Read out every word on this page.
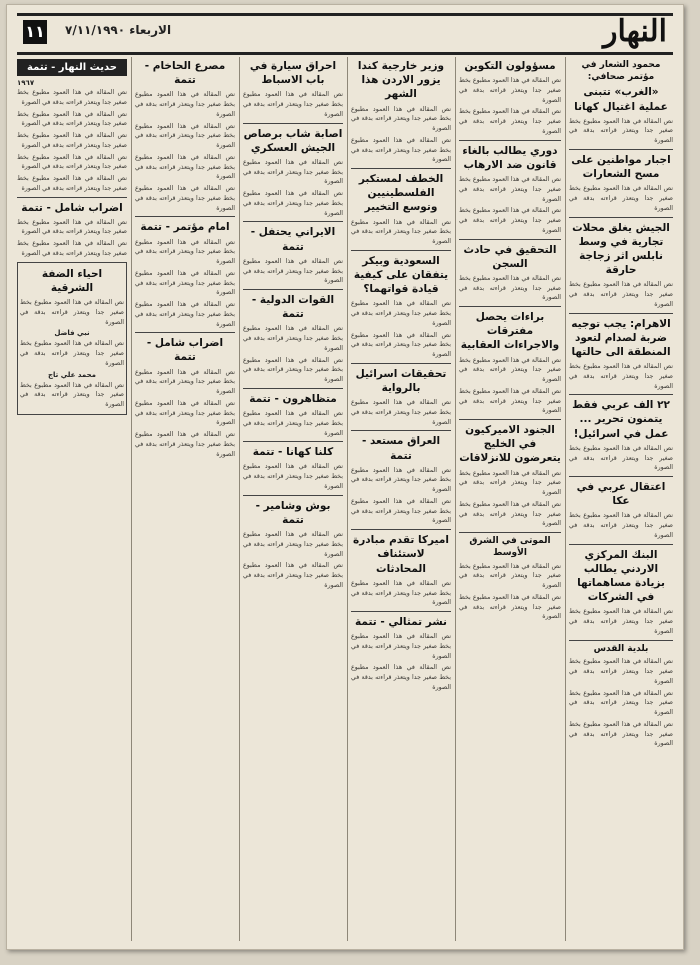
١١ الاربعاء ٧/١١/١٩٩٠	النهار
محمود الشعار في مؤتمر صحافي:
«الغرب» تتبنى عملية اغتيال كهانا

نص المقالة في هذا العمود مطبوع بخط صغير جدا ويتعذر قراءته بدقة في الصورة

اجبار مواطنين على مسح الشعارات

نص المقالة في هذا العمود مطبوع بخط صغير جدا ويتعذر قراءته بدقة في الصورة

الجيش يغلق محلات تجارية في وسط نابلس اثر زجاجة حارقة

نص المقالة في هذا العمود مطبوع بخط صغير جدا ويتعذر قراءته بدقة في الصورة

الاهرام: يجب توجيه ضربة لصدام لتعود المنطقة الى حالتها

نص المقالة في هذا العمود مطبوع بخط صغير جدا ويتعذر قراءته بدقة في الصورة

٢٢ الف عربي فقط يتمنون تحرير ... عمل في اسرائيل!

نص المقالة في هذا العمود مطبوع بخط صغير جدا ويتعذر قراءته بدقة في الصورة

اعتقال عربي في عكا

نص المقالة في هذا العمود مطبوع بخط صغير جدا ويتعذر قراءته بدقة في الصورة

البنك المركزي الاردني يطالب بزيادة مساهماتها في الشركات

نص المقالة في هذا العمود مطبوع بخط صغير جدا ويتعذر قراءته بدقة في الصورة

بلدية القدس

نص المقالة في هذا العمود مطبوع بخط صغير جدا ويتعذر قراءته بدقة في الصورة

نص المقالة في هذا العمود مطبوع بخط صغير جدا ويتعذر قراءته بدقة في الصورة

نص المقالة في هذا العمود مطبوع بخط صغير جدا ويتعذر قراءته بدقة في الصورة

مسؤولون التكوين

نص المقالة في هذا العمود مطبوع بخط صغير جدا ويتعذر قراءته بدقة في الصورة

نص المقالة في هذا العمود مطبوع بخط صغير جدا ويتعذر قراءته بدقة في الصورة

دوري يطالب بالغاء قانون ضد الارهاب

نص المقالة في هذا العمود مطبوع بخط صغير جدا ويتعذر قراءته بدقة في الصورة

نص المقالة في هذا العمود مطبوع بخط صغير جدا ويتعذر قراءته بدقة في الصورة

التحقيق في حادث السجن

نص المقالة في هذا العمود مطبوع بخط صغير جدا ويتعذر قراءته بدقة في الصورة

براءات يحصل مفترقات والاجراءات العقابية

نص المقالة في هذا العمود مطبوع بخط صغير جدا ويتعذر قراءته بدقة في الصورة

نص المقالة في هذا العمود مطبوع بخط صغير جدا ويتعذر قراءته بدقة في الصورة

الجنود الاميركيون في الخليج يتعرضون للانزلاقات

نص المقالة في هذا العمود مطبوع بخط صغير جدا ويتعذر قراءته بدقة في الصورة

نص المقالة في هذا العمود مطبوع بخط صغير جدا ويتعذر قراءته بدقة في الصورة

الموتى في الشرق الأوسط

نص المقالة في هذا العمود مطبوع بخط صغير جدا ويتعذر قراءته بدقة في الصورة

نص المقالة في هذا العمود مطبوع بخط صغير جدا ويتعذر قراءته بدقة في الصورة

وزير خارجية كندا يزور الاردن هذا الشهر

نص المقالة في هذا العمود مطبوع بخط صغير جدا ويتعذر قراءته بدقة في الصورة

نص المقالة في هذا العمود مطبوع بخط صغير جدا ويتعذر قراءته بدقة في الصورة

الخطف لمستكبر الفلسطينيين وتوسع التخيير

نص المقالة في هذا العمود مطبوع بخط صغير جدا ويتعذر قراءته بدقة في الصورة

السعودية وبيكر يتفقان على كيفية قيادة قواتهما؟

نص المقالة في هذا العمود مطبوع بخط صغير جدا ويتعذر قراءته بدقة في الصورة

نص المقالة في هذا العمود مطبوع بخط صغير جدا ويتعذر قراءته بدقة في الصورة

تحقيقات اسرائيل بالرواية

نص المقالة في هذا العمود مطبوع بخط صغير جدا ويتعذر قراءته بدقة في الصورة

العراق مستعد - تتمة

نص المقالة في هذا العمود مطبوع بخط صغير جدا ويتعذر قراءته بدقة في الصورة

نص المقالة في هذا العمود مطبوع بخط صغير جدا ويتعذر قراءته بدقة في الصورة

اميركا تقدم مبادرة لاستئناف المحادثات

نص المقالة في هذا العمود مطبوع بخط صغير جدا ويتعذر قراءته بدقة في الصورة

نشر تمثالي - تتمة

نص المقالة في هذا العمود مطبوع بخط صغير جدا ويتعذر قراءته بدقة في الصورة

نص المقالة في هذا العمود مطبوع بخط صغير جدا ويتعذر قراءته بدقة في الصورة

احراق سيارة في باب الاسباط

نص المقالة في هذا العمود مطبوع بخط صغير جدا ويتعذر قراءته بدقة في الصورة

اصابة شاب برصاص الجيش العسكري

نص المقالة في هذا العمود مطبوع بخط صغير جدا ويتعذر قراءته بدقة في الصورة

نص المقالة في هذا العمود مطبوع بخط صغير جدا ويتعذر قراءته بدقة في الصورة

الايراني يحتفل - تتمة

نص المقالة في هذا العمود مطبوع بخط صغير جدا ويتعذر قراءته بدقة في الصورة

القوات الدولية - تتمة

نص المقالة في هذا العمود مطبوع بخط صغير جدا ويتعذر قراءته بدقة في الصورة

نص المقالة في هذا العمود مطبوع بخط صغير جدا ويتعذر قراءته بدقة في الصورة

متظاهرون - تتمة

نص المقالة في هذا العمود مطبوع بخط صغير جدا ويتعذر قراءته بدقة في الصورة

كلنا كهانا - تتمة

نص المقالة في هذا العمود مطبوع بخط صغير جدا ويتعذر قراءته بدقة في الصورة

بوش وشامير - تتمة

نص المقالة في هذا العمود مطبوع بخط صغير جدا ويتعذر قراءته بدقة في الصورة

نص المقالة في هذا العمود مطبوع بخط صغير جدا ويتعذر قراءته بدقة في الصورة

مصرع الحاخام - تتمة

نص المقالة في هذا العمود مطبوع بخط صغير جدا ويتعذر قراءته بدقة في الصورة

نص المقالة في هذا العمود مطبوع بخط صغير جدا ويتعذر قراءته بدقة في الصورة

نص المقالة في هذا العمود مطبوع بخط صغير جدا ويتعذر قراءته بدقة في الصورة

نص المقالة في هذا العمود مطبوع بخط صغير جدا ويتعذر قراءته بدقة في الصورة

امام مؤتمر - تتمة

نص المقالة في هذا العمود مطبوع بخط صغير جدا ويتعذر قراءته بدقة في الصورة

نص المقالة في هذا العمود مطبوع بخط صغير جدا ويتعذر قراءته بدقة في الصورة

نص المقالة في هذا العمود مطبوع بخط صغير جدا ويتعذر قراءته بدقة في الصورة

اضراب شامل - تتمة

نص المقالة في هذا العمود مطبوع بخط صغير جدا ويتعذر قراءته بدقة في الصورة

نص المقالة في هذا العمود مطبوع بخط صغير جدا ويتعذر قراءته بدقة في الصورة

نص المقالة في هذا العمود مطبوع بخط صغير جدا ويتعذر قراءته بدقة في الصورة

حديث النهار - تتمة
١٩٦٧

نص المقالة في هذا العمود مطبوع بخط صغير جدا ويتعذر قراءته بدقة في الصورة

نص المقالة في هذا العمود مطبوع بخط صغير جدا ويتعذر قراءته بدقة في الصورة

نص المقالة في هذا العمود مطبوع بخط صغير جدا ويتعذر قراءته بدقة في الصورة

نص المقالة في هذا العمود مطبوع بخط صغير جدا ويتعذر قراءته بدقة في الصورة

نص المقالة في هذا العمود مطبوع بخط صغير جدا ويتعذر قراءته بدقة في الصورة

اضراب شامل - تتمة

نص المقالة في هذا العمود مطبوع بخط صغير جدا ويتعذر قراءته بدقة في الصورة

نص المقالة في هذا العمود مطبوع بخط صغير جدا ويتعذر قراءته بدقة في الصورة

احياء الضفة الشرقية

نص المقالة في هذا العمود مطبوع بخط صغير جدا ويتعذر قراءته بدقة في الصورة

نبي فاضل

نص المقالة في هذا العمود مطبوع بخط صغير جدا ويتعذر قراءته بدقة في الصورة

محمد علي تاج

نص المقالة في هذا العمود مطبوع بخط صغير جدا ويتعذر قراءته بدقة في الصورة
